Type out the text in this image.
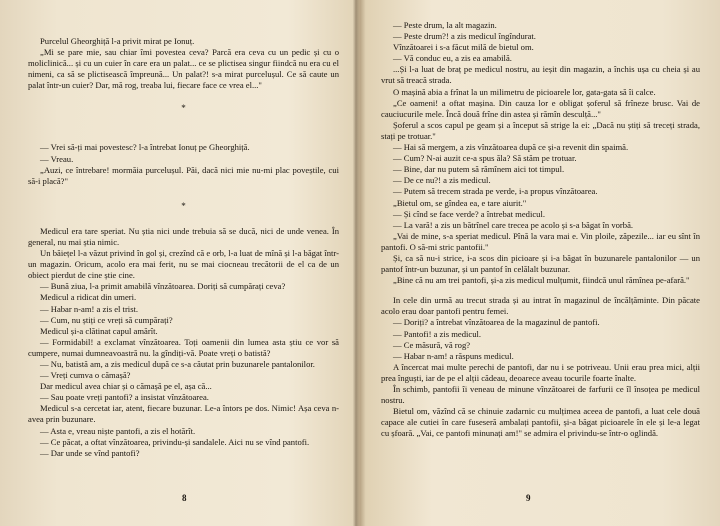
Purcelul Gheorghiță l-a privit mirat pe Ionuț.

„Mi se pare mie, sau chiar îmi povestea ceva? Parcă era ceva cu un pedic și cu o moliclinică... și cu un cuier în care era un palat... ce se plictisea singur fiindcă nu era cu el nimeni, ca să se plictisească împreună... Un palat?! s-a mirat purcelușul. Ce să caute un palat într-un cuier? Dar, mă rog, treaba lui, fiecare face ce vrea el..."

*

— Vrei să-ți mai povestesc? l-a întrebat Ionuț pe Gheorghiță.

— Vreau.

„Auzi, ce întrebare! mormăia purcelușul. Păi, dacă nici mie nu-mi plac poveștile, cui să-i placă?"

*

Medicul era tare speriat. Nu știa nici unde trebuia să se ducă, nici de unde venea. În general, nu mai știa nimic.

Un băiețel l-a văzut privind în gol și, crezînd că e orb, l-a luat de mînă și l-a băgat într-un magazin. Oricum, acolo era mai ferit, nu se mai ciocneau trecătorii de el ca de un obiect pierdut de cine știe cine.

— Bună ziua, l-a primit amabilă vînzătoarea. Doriți să cumpărați ceva?

Medicul a ridicat din umeri.

— Habar n-am! a zis el trist.

— Cum, nu știți ce vreți să cumpărați?

Medicul și-a clătinat capul amărît.

— Formidabil! a exclamat vînzătoarea. Toți oamenii din lumea asta știu ce vor să cumpere, numai dumneavoastră nu. la gîndiți-vă. Poate vreți o batistă?

— Nu, batistă am, a zis medicul după ce s-a căutat prin buzunarele pantalonilor.

— Vreți cumva o cămașă?

Dar medicul avea chiar și o cămașă pe el, așa că...

— Sau poate vreți pantofi? a insistat vînzătoarea.

Medicul s-a cercetat iar, atent, fiecare buzunar. Le-a întors pe dos. Nimic! Așa ceva n-avea prin buzunare.

— Asta e, vreau niște pantofi, a zis el hotărît.

— Ce păcat, a oftat vînzătoarea, privindu-și sandalele. Aici nu se vînd pantofi.

— Dar unde se vînd pantofi?

8

— Peste drum, la alt magazin.

— Peste drum?! a zis medicul îngîndurat.

Vînzătoarei i s-a făcut milă de bietul om.

— Vă conduc eu, a zis ea amabilă.

...Și l-a luat de braț pe medicul nostru, au ieșit din magazin, a închis ușa cu cheia și au vrut să treacă strada.

O mașină abia a frînat la un milimetru de picioarele lor, gata-gata să îi calce.

„Ce oameni! a oftat mașina. Din cauza lor e obligat șoferul să frîneze brusc. Vai de cauciucurile mele. Încă două frîne din astea și rămîn desculță..."

Șoferul a scos capul pe geam și a început să strige la ei: „Dacă nu știți să treceți strada, stați pe trotuar."

— Hai să mergem, a zis vînzătoarea după ce și-a revenit din spaimă.

— Cum? N-ai auzit ce-a spus ăla? Să stăm pe trotuar.

— Bine, dar nu putem să rămînem aici tot timpul.

— De ce nu?! a zis medicul.

— Putem să trecem strada pe verde, i-a propus vînzătoarea.

„Bietul om, se gîndea ea, e tare aiurit."

— Și cînd se face verde? a întrebat medicul.

— La vară! a zis un bătrînel care trecea pe acolo și s-a băgat în vorbă.

„Vai de mine, s-a speriat medicul. Pînă la vara mai e. Vin ploile, zăpezile... iar eu sînt în pantofi. O să-mi stric pantofii."

Și, ca să nu-i strice, i-a scos din picioare și i-a băgat în buzunarele pantalonilor — un pantof într-un buzunar, și un pantof în celălalt buzunar.

„Bine că nu am trei pantofi, și-a zis medicul mulțumit, fiindcă unul rămînea pe-afară."

In cele din urmă au trecut strada și au intrat în magazinul de încălțăminte. Din păcate acolo erau doar pantofi pentru femei.

— Doriți? a întrebat vînzătoarea de la magazinul de pantofi.

— Pantofi! a zis medicul.

— Ce măsură, vă rog?

— Habar n-am! a răspuns medicul.

A încercat mai multe perechi de pantofi, dar nu i se potriveau. Unii erau prea mici, alții prea înguști, iar de pe el alții cădeau, deoarece aveau tocurile foarte înalte.

În schimb, pantofii îi veneau de minune vînzătoarei de farfurii ce îl însoțea pe medicul nostru.

Bietul om, văzînd că se chinuie zadarnic cu mulțimea aceea de pantofi, a luat cele două capace ale cutiei în care fuseseră ambalați pantofii, și-a băgat picioarele în ele și le-a legat cu șfoară. „Vai, ce pantofi minunați am!" se admira el privindu-se într-o oglindă.

9
